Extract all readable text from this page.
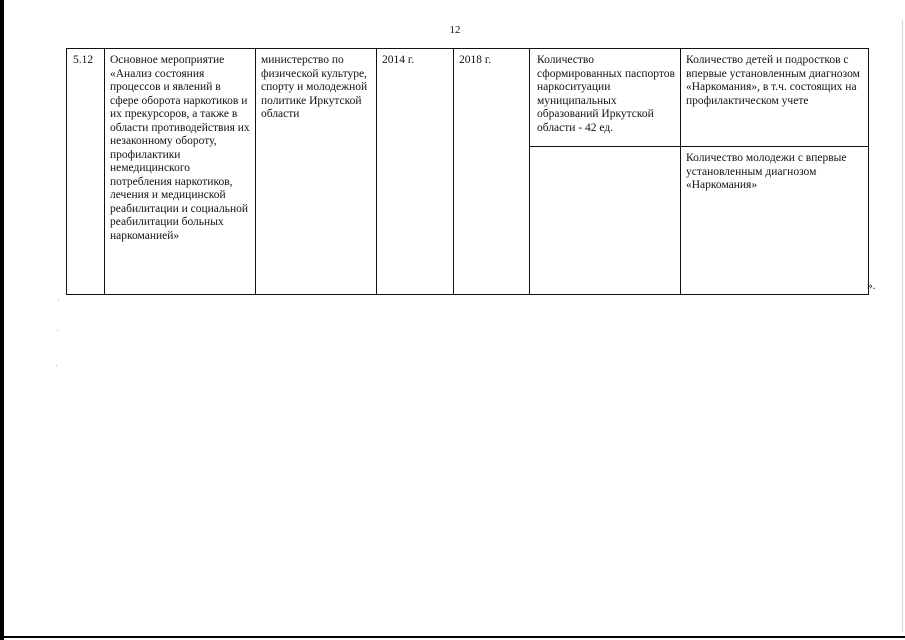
12
5.12	Основное мероприятие «Анализ состояния процессов и явлений в сфере оборота наркотиков и их прекурсоров, а также в области противодействия их незаконному обороту, профилактики немедицинского потребления наркотиков, лечения и медицинской реабилитации и социальной реабилитации больных наркоманией»	министерство по физической культуре, спорту и молодежной политике Иркутской области	2014 г.	2018 г.	Количество сформированных паспортов наркоситуации муниципальных образований Иркутской области - 42 ед.	Количество детей и подростков с впервые установленным диагнозом «Наркомания», в т.ч. состоящих на профилактическом учете
						Количество молодежи с впервые установленным диагнозом «Наркомания»
».
